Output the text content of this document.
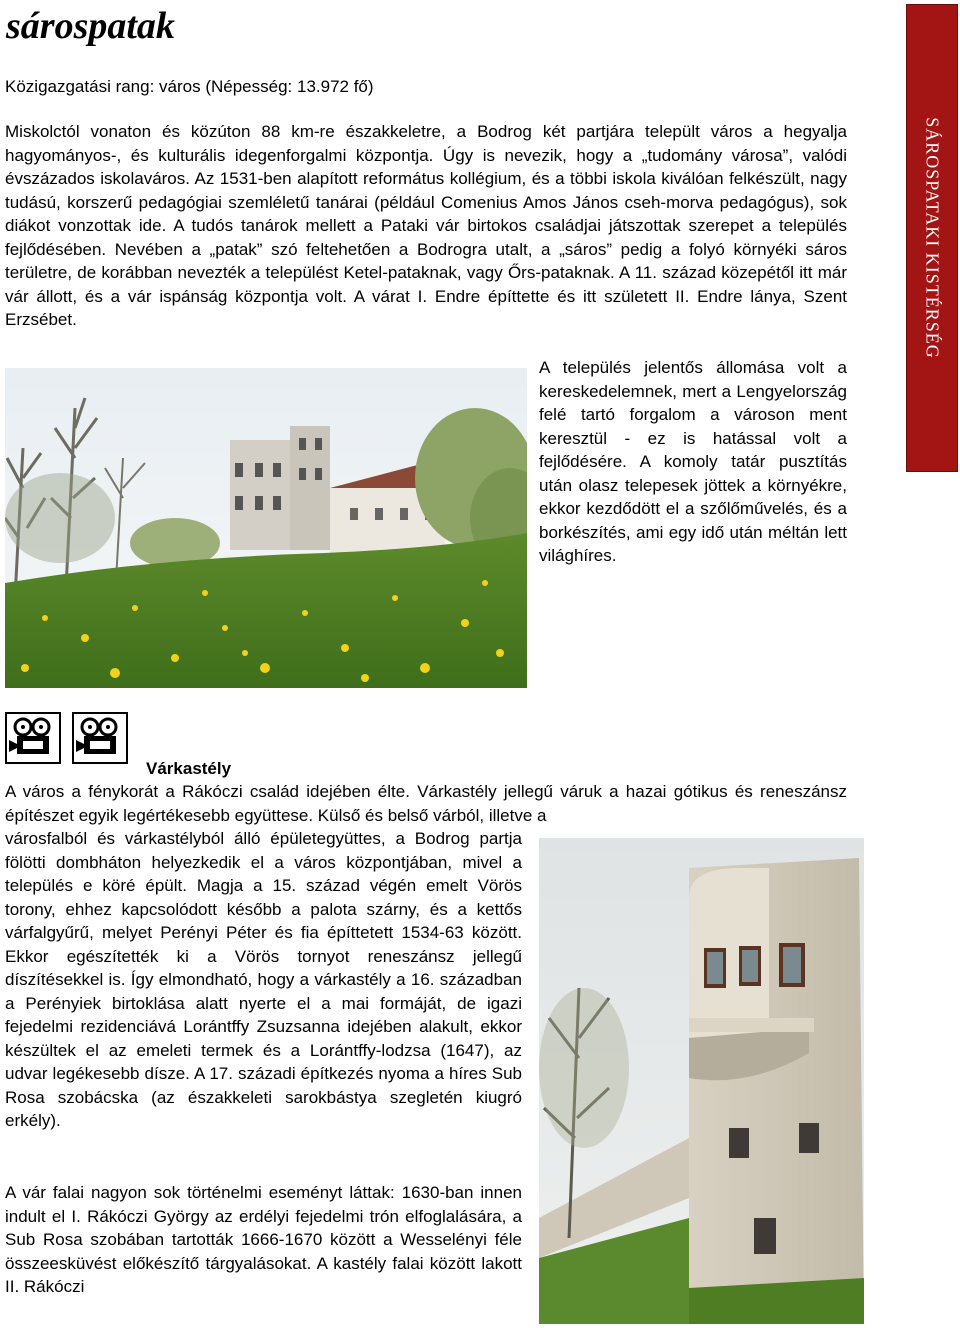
sárospatak

Közigazgatási rang: város (Népesség: 13.972 fő)

SÁROSPATAKI KISTÉRSÉG

Miskolctól vonaton és közúton 88 km-re északkeletre, a Bodrog két partjára települt város a hegyalja hagyományos-, és kulturális idegenforgalmi központja. Úgy is nevezik, hogy a „tudomány városa”, valódi évszázados iskolaváros. Az 1531-ben alapított református kollégium, és a többi iskola kiválóan felkészült, nagy tudású, korszerű pedagógiai szemléletű tanárai (például Comenius Amos János cseh-morva pedagógus), sok diákot vonzottak ide. A tudós tanárok mellett a Pataki vár birtokos családjai játszottak szerepet a település fejlődésében. Nevében a „patak” szó feltehetően a Bodrogra utalt, a „sáros” pedig a folyó környéki sáros területre, de korábban nevezték a települést Ketel-pataknak, vagy Őrs-pataknak. A 11. század közepétől itt már vár állott, és a vár ispánság központja volt. A várat I. Endre építtette és itt született II. Endre lánya, Szent Erzsébet.

A település jelentős állomása volt a kereskedelemnek, mert a Lengyelország felé tartó forgalom a városon ment keresztül - ez is hatással volt a fejlődésére. A komoly tatár pusztítás után olasz telepesek jöttek a környékre, ekkor kezdődött el a szőlőművelés, és a borkészítés, ami egy idő után méltán lett világhíres.

Várkastély

A város a fénykorát a Rákóczi család idejében élte. Várkastély jellegű váruk a hazai gótikus és reneszánsz építészet egyik legértékesebb együttese. Külső és belső várból, illetve a

városfalból és várkastélyból álló épületegyüttes, a Bodrog partja fölötti dombháton helyezkedik el a város központjában, mivel a település e köré épült. Magja a 15. század végén emelt Vörös torony, ehhez kapcsolódott később a palota szárny, és a kettős várfalgyűrű, melyet Perényi Péter és fia építtetett 1534-63 között. Ekkor egészítették ki a Vörös tornyot reneszánsz jellegű díszítésekkel is. Így elmondható, hogy a várkastély a 16. században a Perényiek birtoklása alatt nyerte el a mai formáját, de igazi fejedelmi rezidenciává Lorántffy Zsuzsanna idejében alakult, ekkor készültek el az emeleti termek és a Lorántffy-lodzsa (1647), az udvar legékesebb dísze. A 17. századi építkezés nyoma a híres Sub Rosa szobácska (az északkeleti sarokbástya szegletén kiugró erkély).

A vár falai nagyon sok történelmi eseményt láttak: 1630-ban innen indult el I. Rákóczi György az erdélyi fejedelmi trón elfoglalására, a Sub Rosa szobában tartották 1666-1670 között a Wesselényi féle összeesküvést előkészítő tárgyalásokat. A kastély falai között lakott II. Rákóczi
